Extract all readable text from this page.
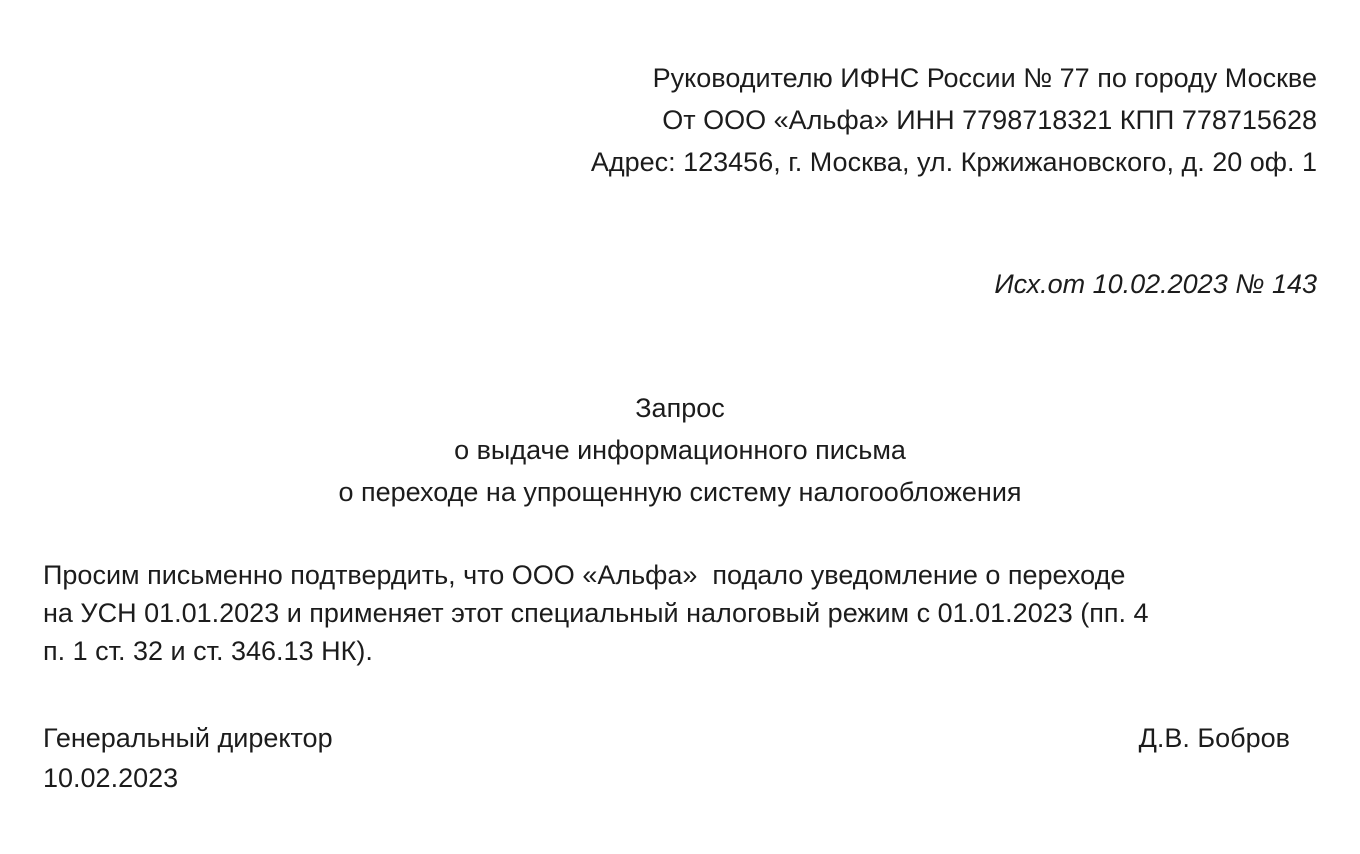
Руководителю ИФНС России № 77 по городу Москве
От ООО «Альфа» ИНН 7798718321 КПП 778715628
Адрес: 123456, г. Москва, ул. Кржижановского, д. 20 оф. 1
Исх.от 10.02.2023 № 143
Запрос
о выдаче информационного письма
о переходе на упрощенную систему налогообложения
Просим письменно подтвердить, что ООО «Альфа»  подало уведомление о переходе
на УСН 01.01.2023 и применяет этот специальный налоговый режим с 01.01.2023 (пп. 4
п. 1 ст. 32 и ст. 346.13 НК).
Генеральный директор
10.02.2023
Д.В. Бобров
